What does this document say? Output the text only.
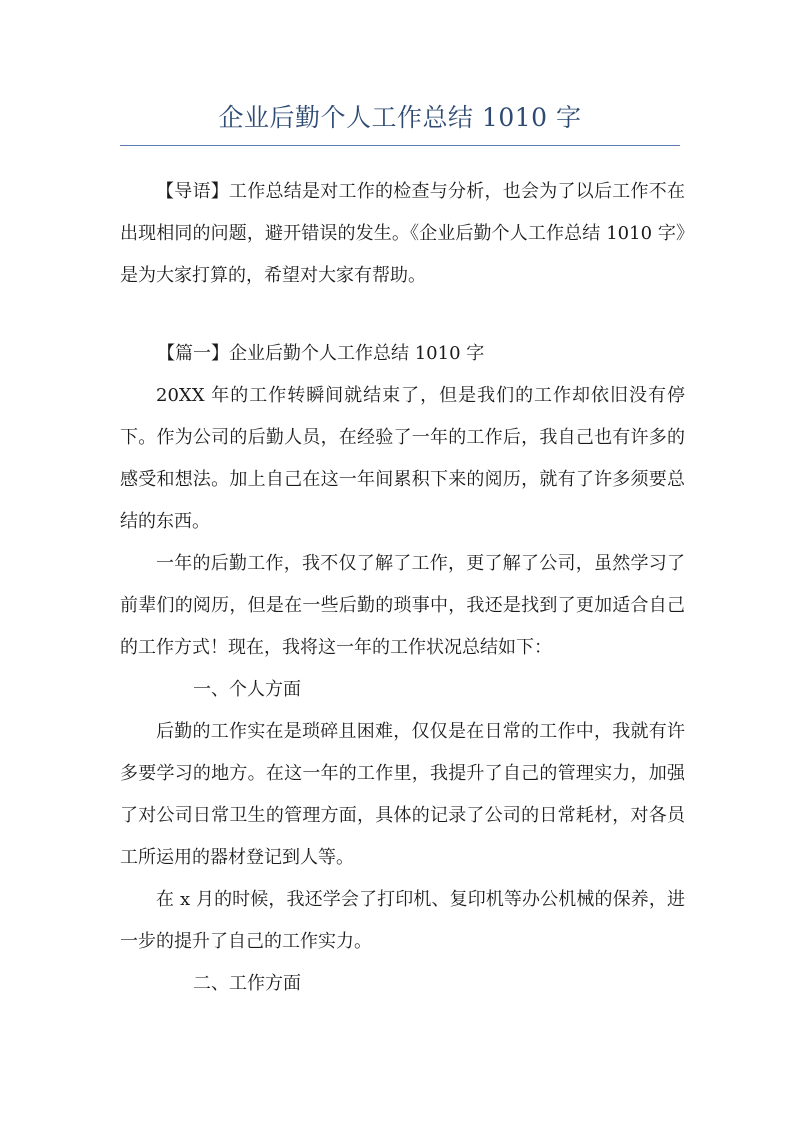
企业后勤个人工作总结 1010 字

【导语】工作总结是对工作的检查与分析，也会为了以后工作不在出现相同的问题，避开错误的发生。《企业后勤个人工作总结 1010 字》是为大家打算的，希望对大家有帮助。

【篇一】企业后勤个人工作总结 1010 字

20XX 年的工作转瞬间就结束了，但是我们的工作却依旧没有停下。作为公司的后勤人员，在经验了一年的工作后，我自己也有许多的感受和想法。加上自己在这一年间累积下来的阅历，就有了许多须要总结的东西。

一年的后勤工作，我不仅了解了工作，更了解了公司，虽然学习了前辈们的阅历，但是在一些后勤的琐事中，我还是找到了更加适合自己的工作方式！现在，我将这一年的工作状况总结如下：

一、个人方面

后勤的工作实在是琐碎且困难，仅仅是在日常的工作中，我就有许多要学习的地方。在这一年的工作里，我提升了自己的管理实力，加强了对公司日常卫生的管理方面，具体的记录了公司的日常耗材，对各员工所运用的器材登记到人等。

在 x 月的时候，我还学会了打印机、复印机等办公机械的保养，进一步的提升了自己的工作实力。

二、工作方面
